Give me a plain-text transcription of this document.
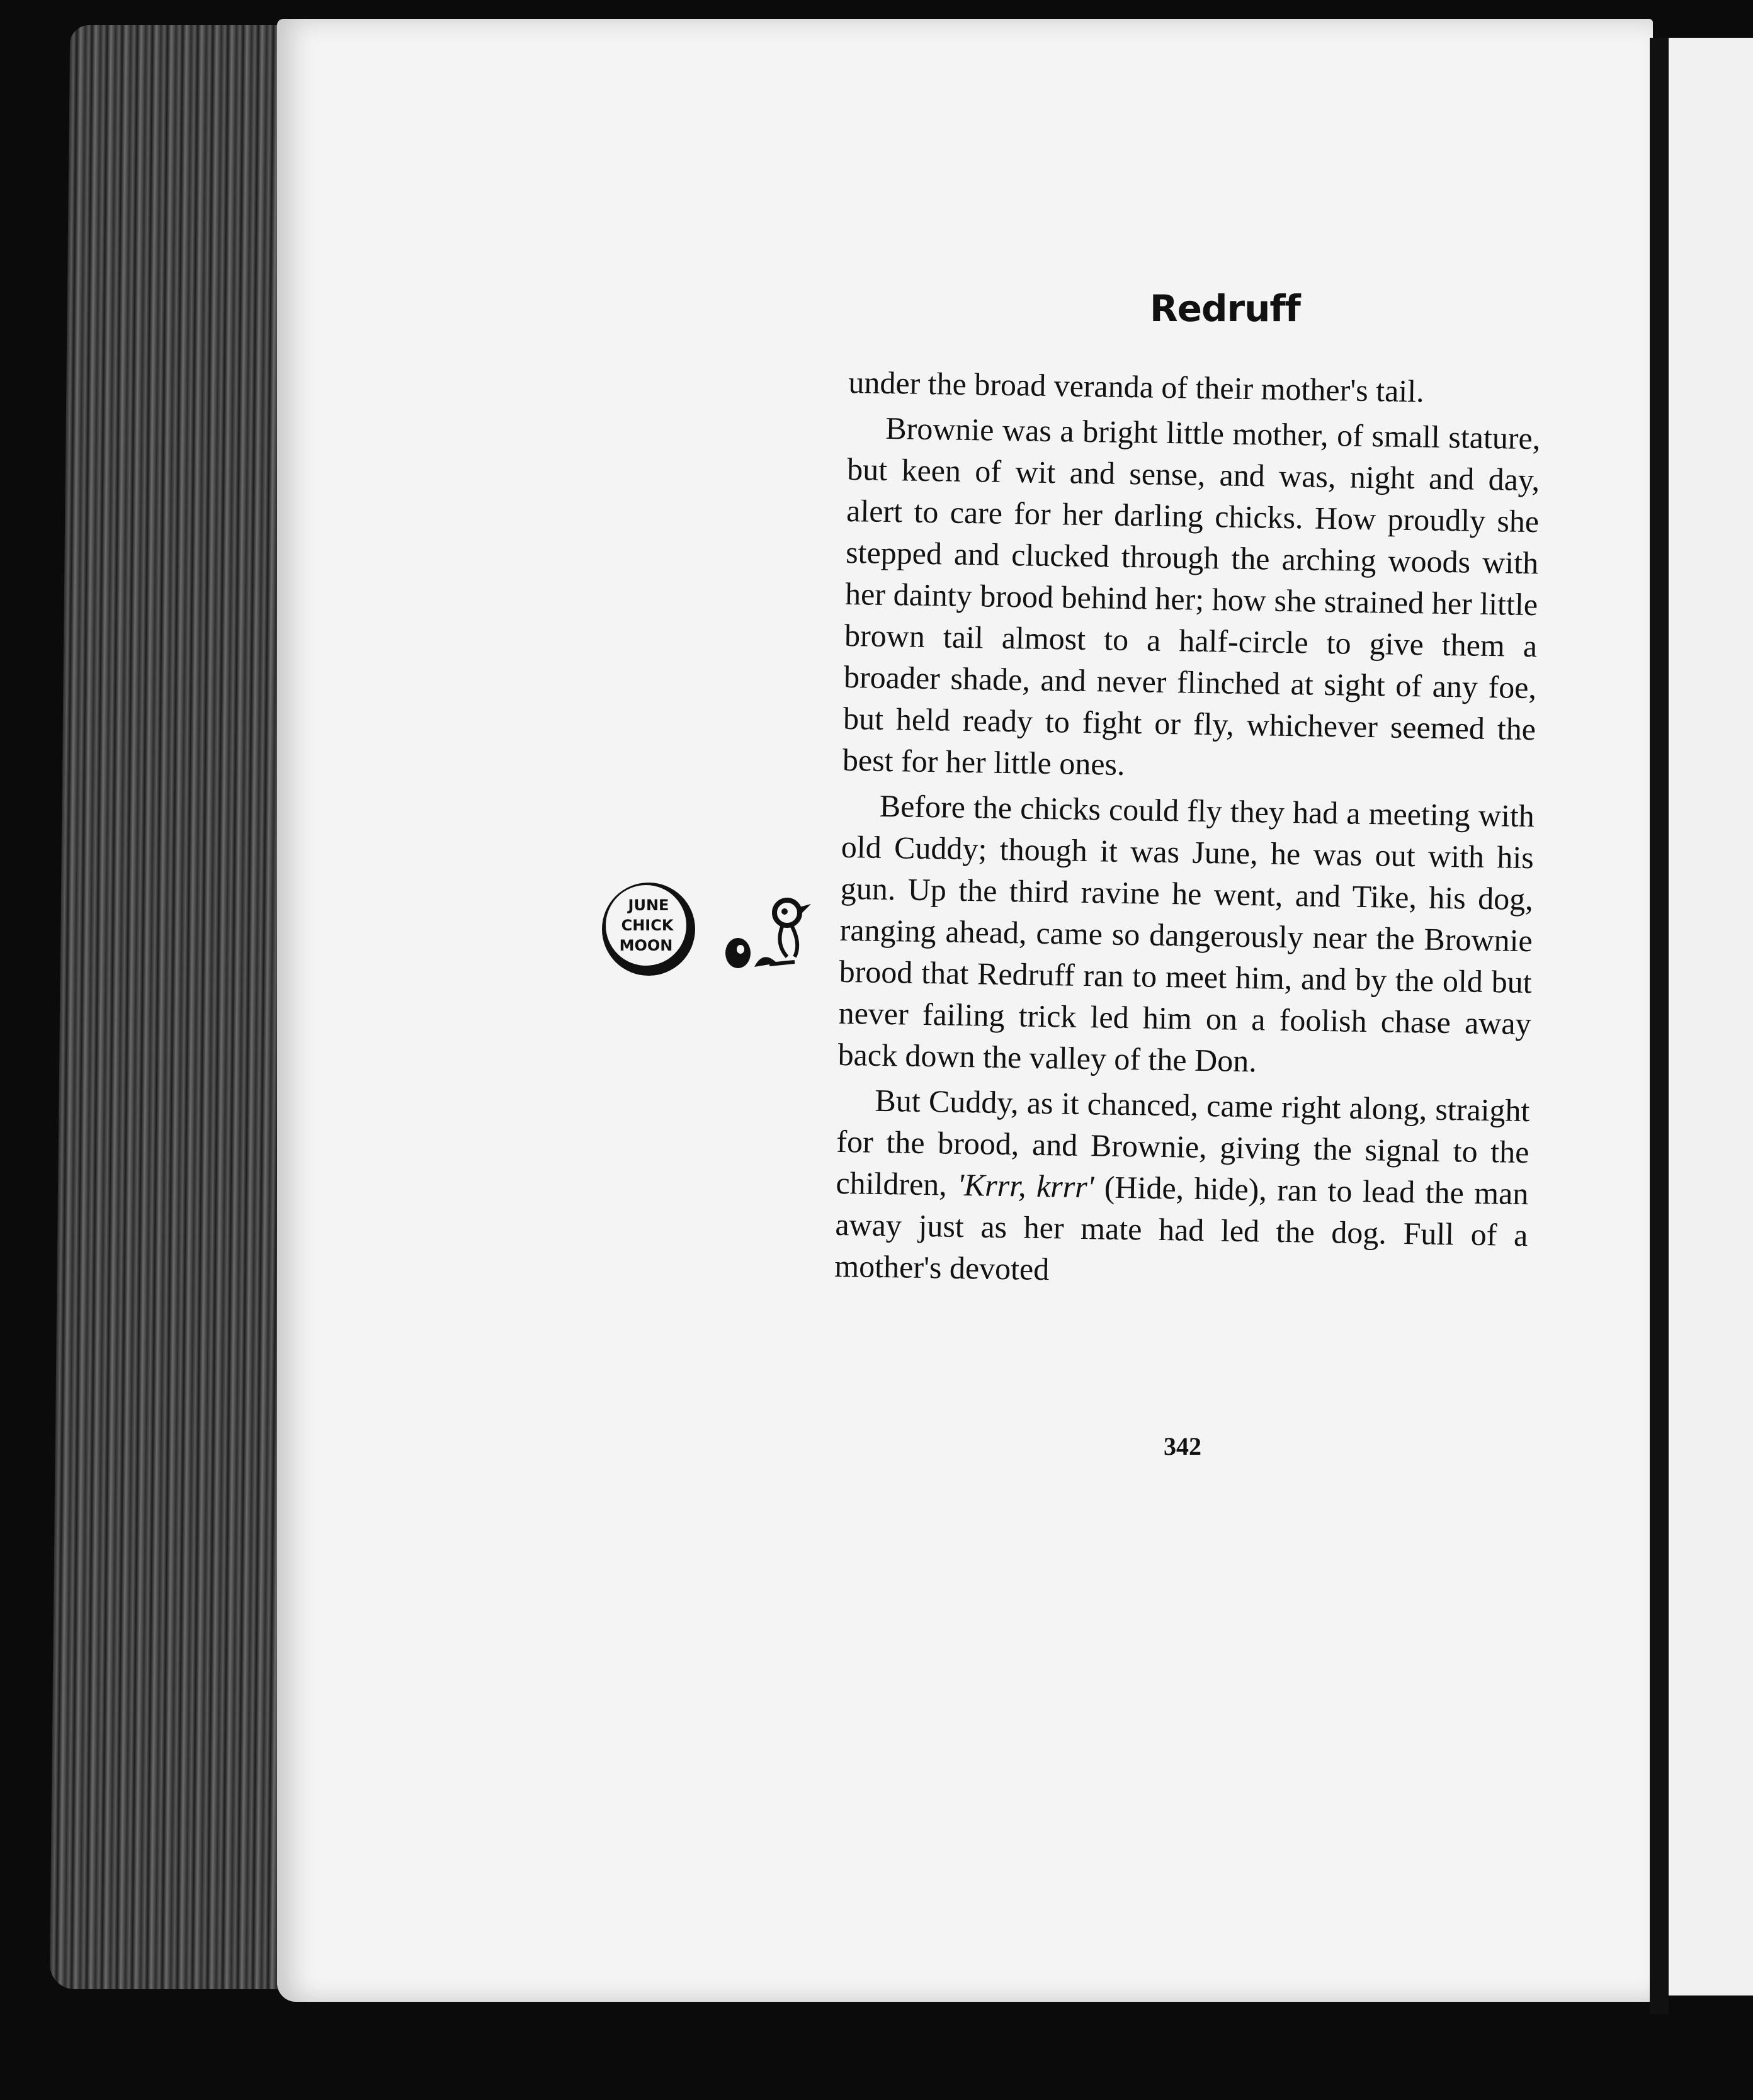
Redruff
JUNE
CHICK
MOON

under the broad veranda of their mother's tail.

Brownie was a bright little mother, of small stature, but keen of wit and sense, and was, night and day, alert to care for her darling chicks. How proudly she stepped and clucked through the arching woods with her dainty brood behind her; how she strained her little brown tail almost to a half-circle to give them a broader shade, and never flinched at sight of any foe, but held ready to fight or fly, whichever seemed the best for her little ones.

Before the chicks could fly they had a meeting with old Cuddy; though it was June, he was out with his gun. Up the third ravine he went, and Tike, his dog, ranging ahead, came so dangerously near the Brownie brood that Redruff ran to meet him, and by the old but never failing trick led him on a foolish chase away back down the valley of the Don.

But Cuddy, as it chanced, came right along, straight for the brood, and Brownie, giving the signal to the children, 'Krrr, krrr' (Hide, hide), ran to lead the man away just as her mate had led the dog. Full of a mother's devoted

342
